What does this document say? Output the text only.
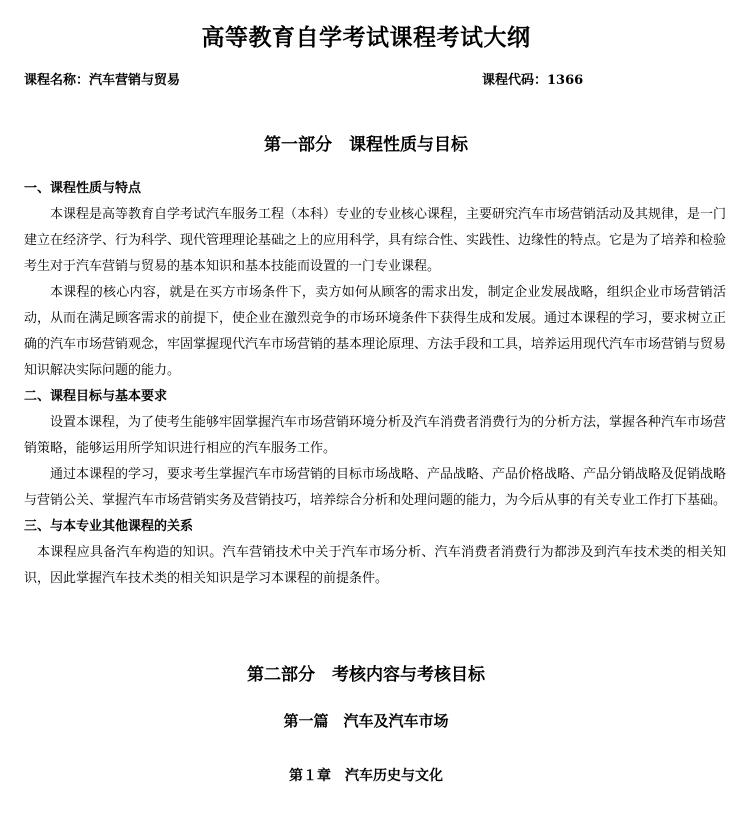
高等教育自学考试课程考试大纲
课程名称：汽车营销与贸易	课程代码：1366
第一部分　课程性质与目标
一、课程性质与特点
本课程是高等教育自学考试汽车服务工程（本科）专业的专业核心课程，主要研究汽车市场营销活动及其规律，是一门建立在经济学、行为科学、现代管理理论基础之上的应用科学，具有综合性、实践性、边缘性的特点。它是为了培养和检验考生对于汽车营销与贸易的基本知识和基本技能而设置的一门专业课程。
本课程的核心内容，就是在买方市场条件下，卖方如何从顾客的需求出发，制定企业发展战略，组织企业市场营销活动，从而在满足顾客需求的前提下，使企业在激烈竞争的市场环境条件下获得生成和发展。通过本课程的学习，要求树立正确的汽车市场营销观念，牢固掌握现代汽车市场营销的基本理论原理、方法手段和工具，培养运用现代汽车市场营销与贸易知识解决实际问题的能力。
二、课程目标与基本要求
设置本课程，为了使考生能够牢固掌握汽车市场营销环境分析及汽车消费者消费行为的分析方法，掌握各种汽车市场营销策略，能够运用所学知识进行相应的汽车服务工作。
通过本课程的学习，要求考生掌握汽车市场营销的目标市场战略、产品战略、产品价格战略、产品分销战略及促销战略与营销公关、掌握汽车市场营销实务及营销技巧，培养综合分析和处理问题的能力，为今后从事的有关专业工作打下基础。
三、与本专业其他课程的关系
本课程应具备汽车构造的知识。汽车营销技术中关于汽车市场分析、汽车消费者消费行为都涉及到汽车技术类的相关知识，因此掌握汽车技术类的相关知识是学习本课程的前提条件。
第二部分　考核内容与考核目标
第一篇　汽车及汽车市场
第１章　汽车历史与文化
